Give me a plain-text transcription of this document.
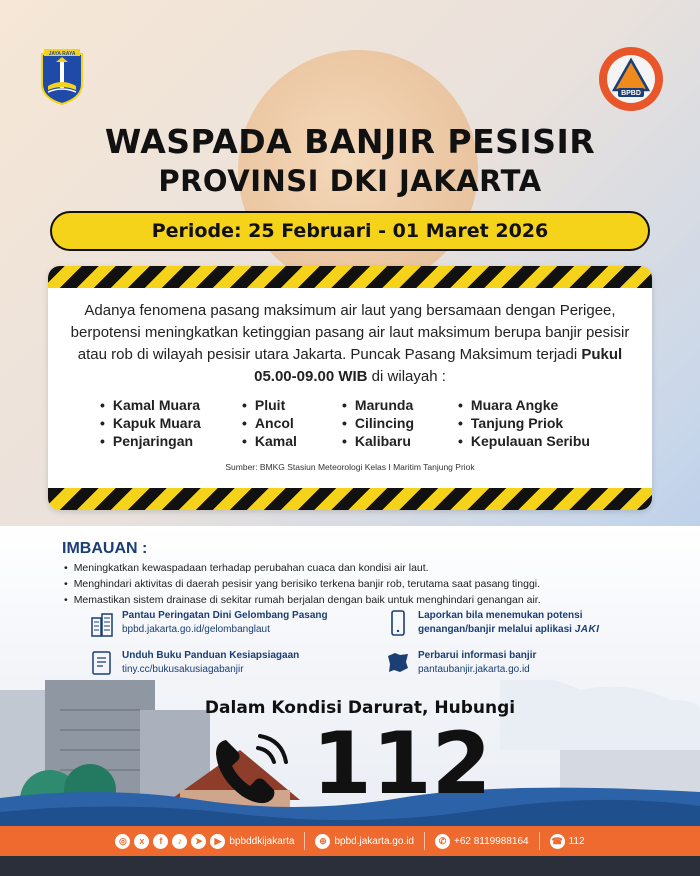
JAYA RAYA
BPBD
WASPADA BANJIR PESISIR
PROVINSI DKI JAKARTA
Periode: 25 Februari - 01 Maret 2026
Adanya fenomena pasang maksimum air laut yang bersamaan dengan Perigee, berpotensi meningkatkan ketinggian pasang air laut maksimum berupa banjir pesisir atau rob di wilayah pesisir utara Jakarta. Puncak Pasang Maksimum terjadi Pukul 05.00-09.00 WIB di wilayah :
• Kamal Muara
• Kapuk Muara
• Penjaringan
• Pluit
• Ancol
• Kamal
• Marunda
• Cilincing
• Kalibaru
• Muara Angke
• Tanjung Priok
• Kepulauan Seribu
Sumber: BMKG Stasiun Meteorologi Kelas I Maritim Tanjung Priok
IMBAUAN :
• Meningkatkan kewaspadaan terhadap perubahan cuaca dan kondisi air laut.
• Menghindari aktivitas di daerah pesisir yang berisiko terkena banjir rob, terutama saat pasang tinggi.
• Memastikan sistem drainase di sekitar rumah berjalan dengan baik untuk menghindari genangan air.
Pantau Peringatan Dini Gelombang Pasang
bpbd.jakarta.go.id/gelombanglaut
Laporkan bila menemukan potensi
genangan/banjir melalui aplikasi JAKI
Unduh Buku Panduan Kesiapsiagaan
tiny.cc/bukusakusiagabanjir
Perbarui informasi banjir
pantaubanjir.jakarta.go.id
Dalam Kondisi Darurat, Hubungi
112
◎	x	f	♪	➤	▶ bpbddkijakarta	⊕ bpbd.jakarta.go.id	✆ +62 8119988164	☎ 112
